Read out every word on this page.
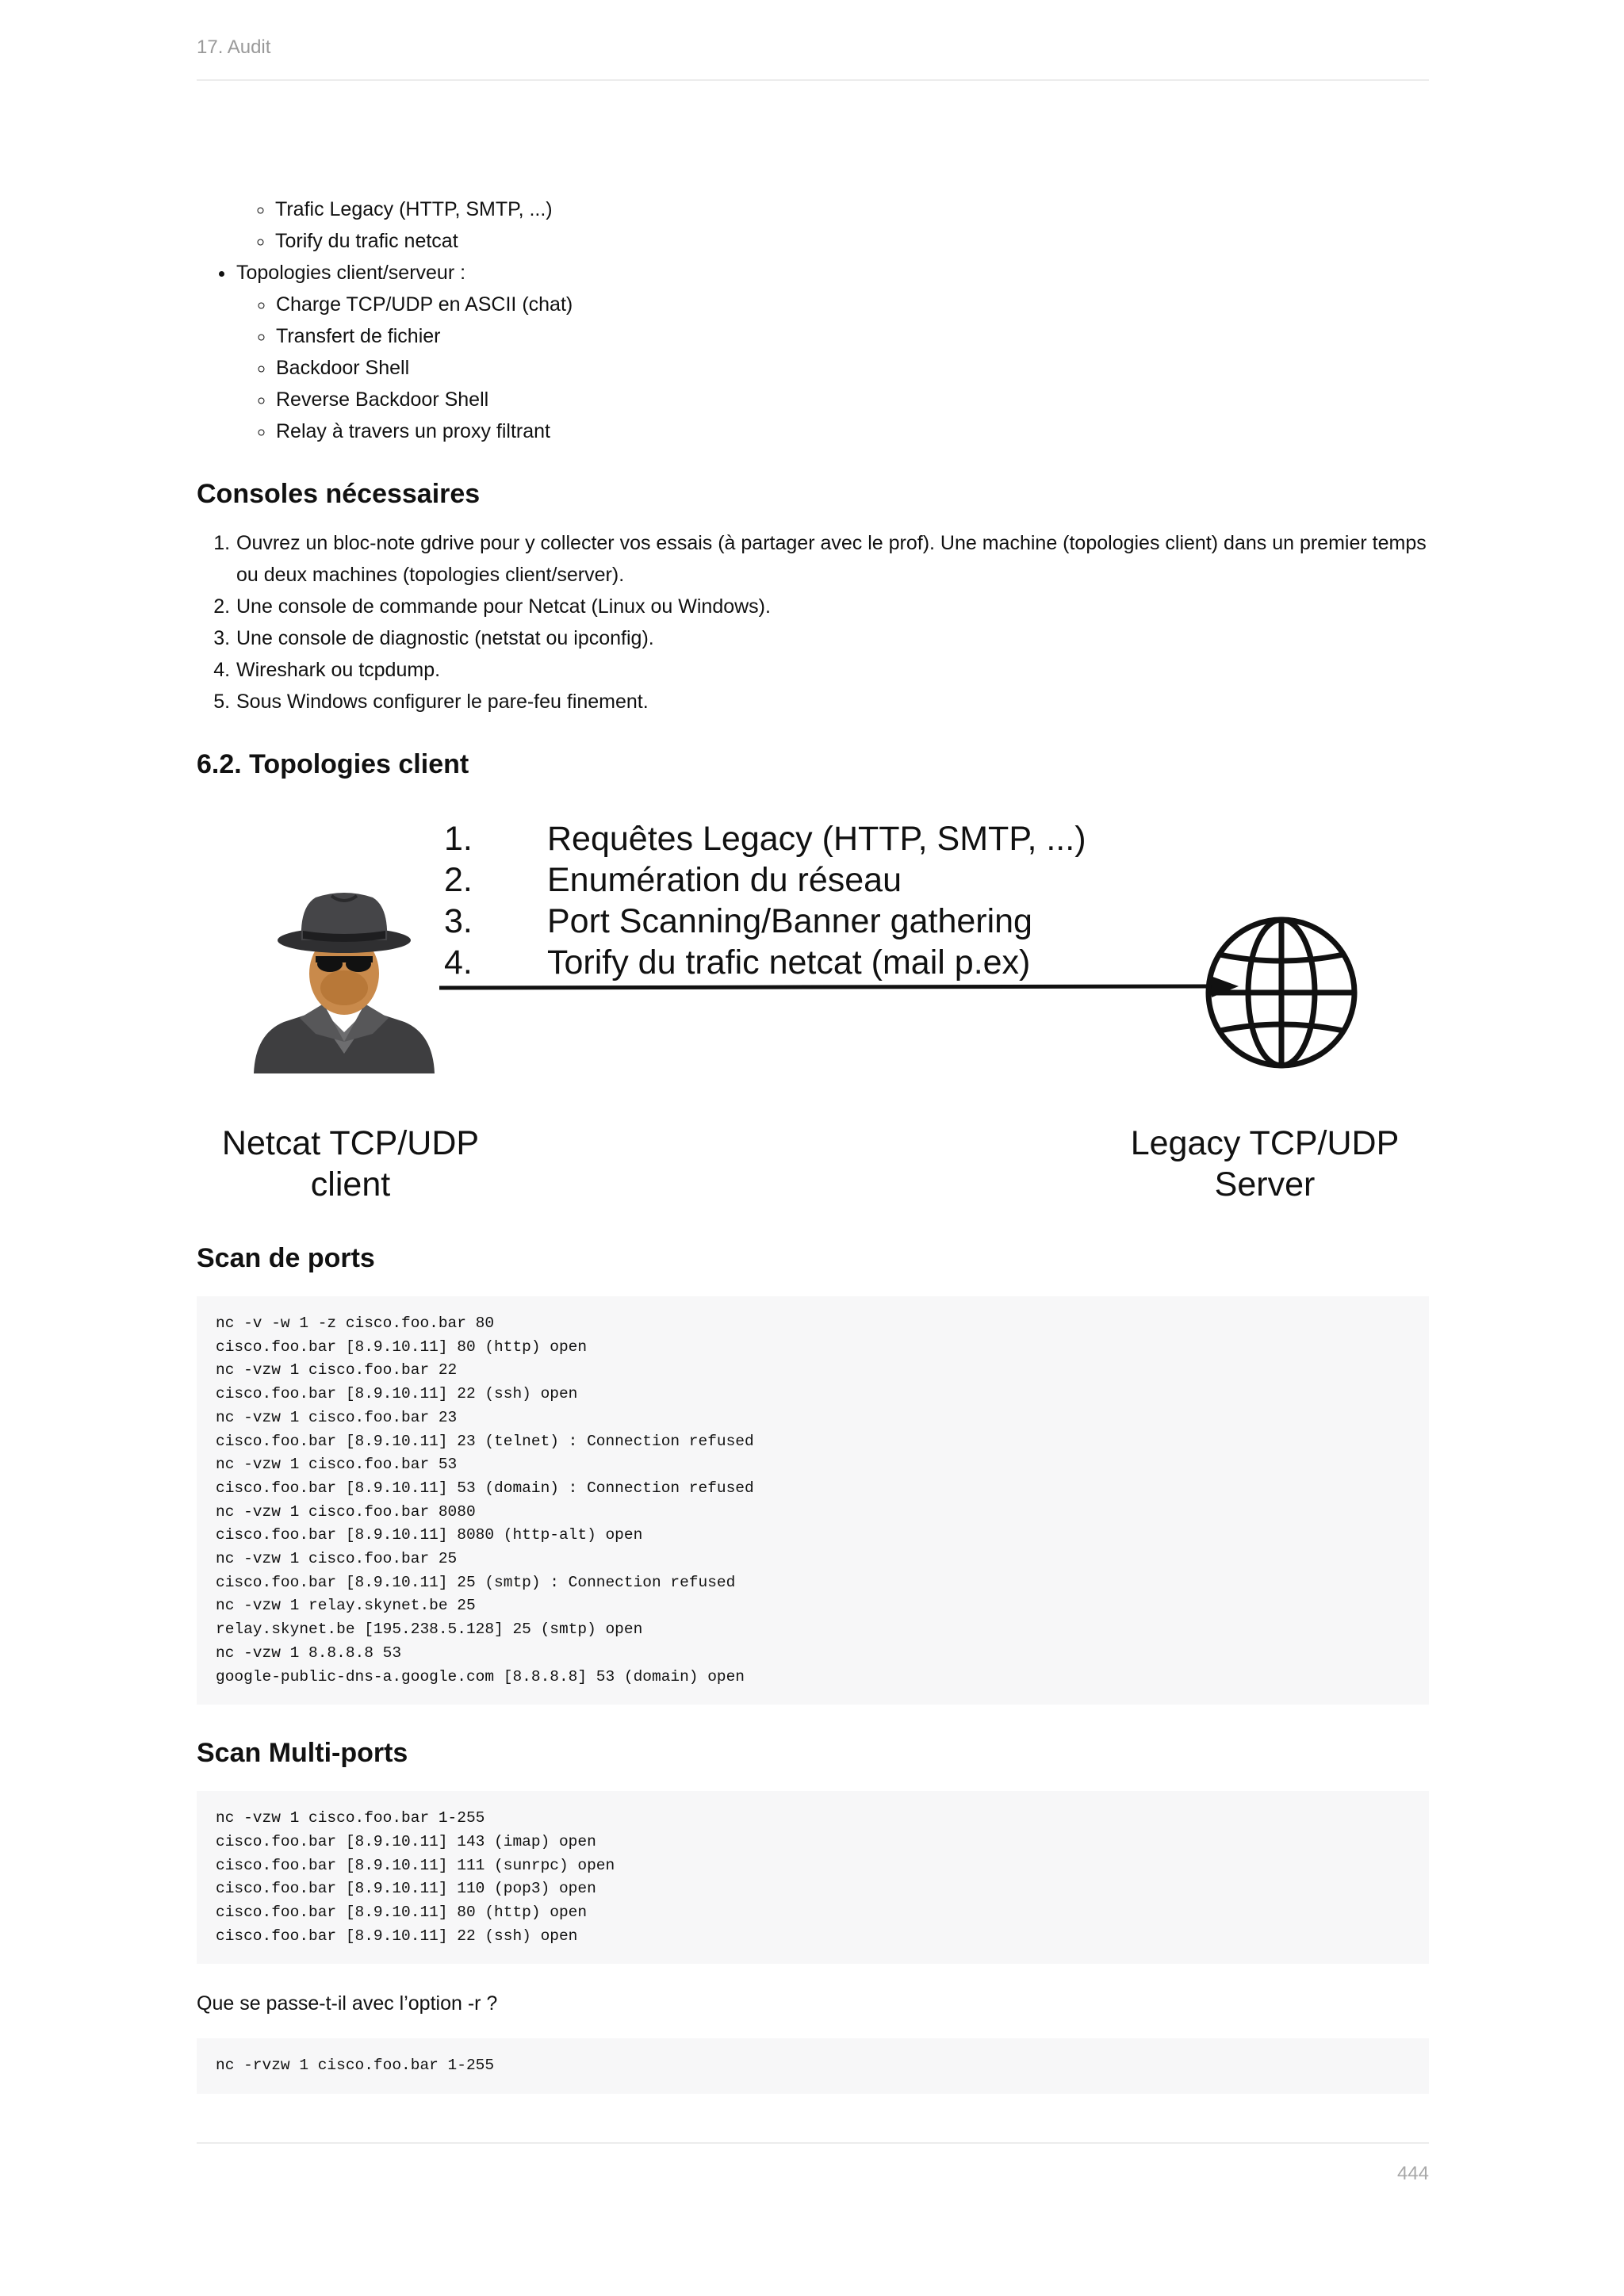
17. Audit
◦ Trafic Legacy (HTTP, SMTP, ...)
◦ Torify du trafic netcat
• Topologies client/serveur :
◦ Charge TCP/UDP en ASCII (chat)
◦ Transfert de fichier
◦ Backdoor Shell
◦ Reverse Backdoor Shell
◦ Relay à travers un proxy filtrant
Consoles nécessaires
1. Ouvrez un bloc-note gdrive pour y collecter vos essais (à partager avec le prof). Une machine (topologies client) dans un premier temps ou deux machines (topologies client/server).
2. Une console de commande pour Netcat (Linux ou Windows).
3. Une console de diagnostic (netstat ou ipconfig).
4. Wireshark ou tcpdump.
5. Sous Windows configurer le pare-feu finement.
6.2. Topologies client
1.	Requêtes Legacy (HTTP, SMTP, ...)
2.	Enumération du réseau
3.	Port Scanning/Banner gathering
4.	Torify du trafic netcat (mail p.ex)
Netcat TCP/UDP
client
Legacy TCP/UDP
Server
Scan de ports
nc -v -w 1 -z cisco.foo.bar 80
cisco.foo.bar [8.9.10.11] 80 (http) open
nc -vzw 1 cisco.foo.bar 22
cisco.foo.bar [8.9.10.11] 22 (ssh) open
nc -vzw 1 cisco.foo.bar 23
cisco.foo.bar [8.9.10.11] 23 (telnet) : Connection refused
nc -vzw 1 cisco.foo.bar 53
cisco.foo.bar [8.9.10.11] 53 (domain) : Connection refused
nc -vzw 1 cisco.foo.bar 8080
cisco.foo.bar [8.9.10.11] 8080 (http-alt) open
nc -vzw 1 cisco.foo.bar 25
cisco.foo.bar [8.9.10.11] 25 (smtp) : Connection refused
nc -vzw 1 relay.skynet.be 25
relay.skynet.be [195.238.5.128] 25 (smtp) open
nc -vzw 1 8.8.8.8 53
google-public-dns-a.google.com [8.8.8.8] 53 (domain) open
Scan Multi-ports
nc -vzw 1 cisco.foo.bar 1-255
cisco.foo.bar [8.9.10.11] 143 (imap) open
cisco.foo.bar [8.9.10.11] 111 (sunrpc) open
cisco.foo.bar [8.9.10.11] 110 (pop3) open
cisco.foo.bar [8.9.10.11] 80 (http) open
cisco.foo.bar [8.9.10.11] 22 (ssh) open
Que se passe-t-il avec l’option -r ?
nc -rvzw 1 cisco.foo.bar 1-255
444
